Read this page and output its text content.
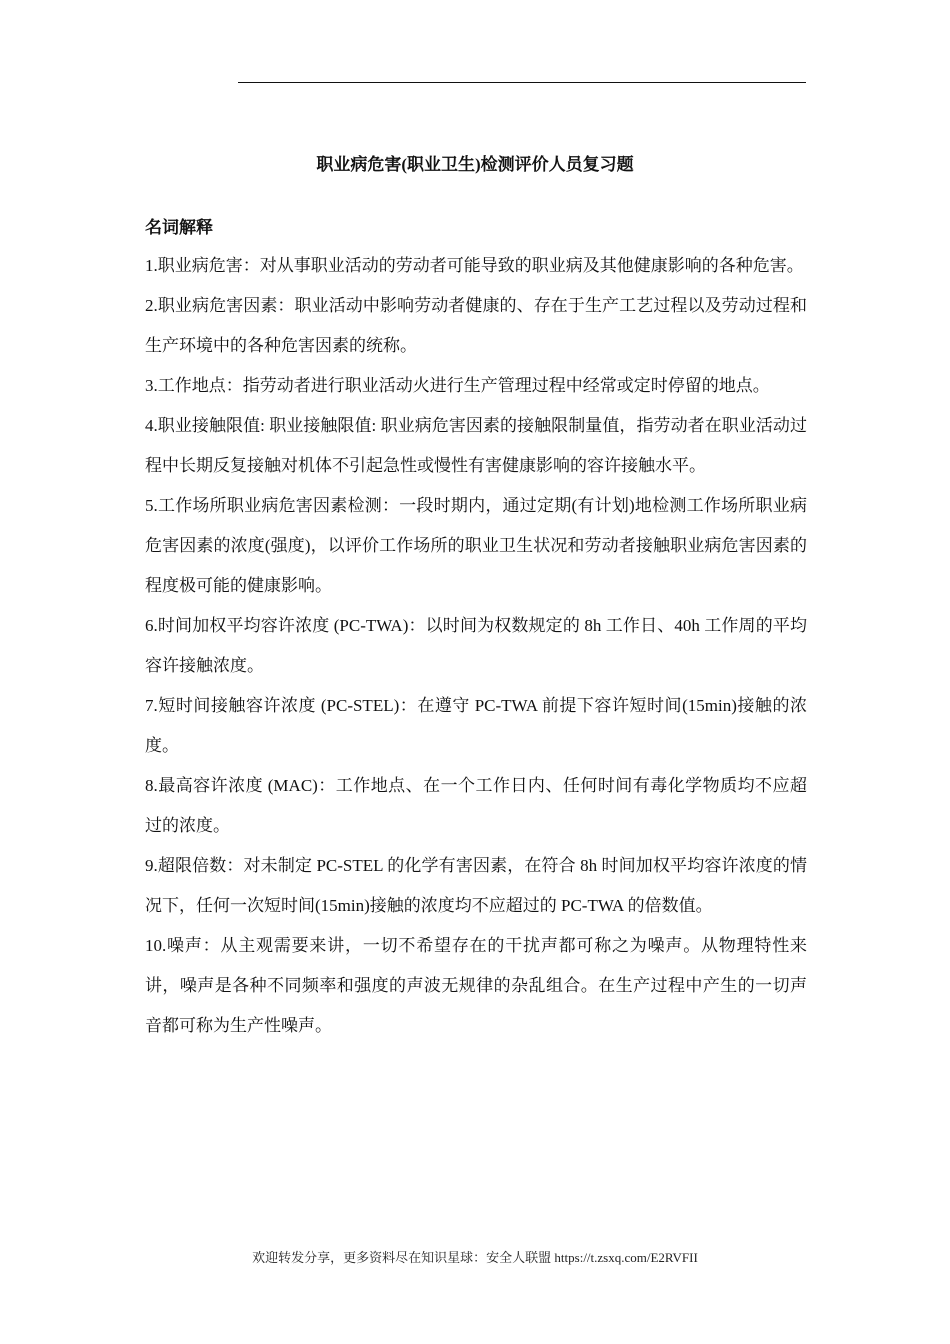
职业病危害(职业卫生)检测评价人员复习题
名词解释

1.职业病危害：对从事职业活动的劳动者可能导致的职业病及其他健康影响的各种危害。

2.职业病危害因素：职业活动中影响劳动者健康的、存在于生产工艺过程以及劳动过程和生产环境中的各种危害因素的统称。

3.工作地点：指劳动者进行职业活动火进行生产管理过程中经常或定时停留的地点。

4.职业接触限值: 职业接触限值: 职业病危害因素的接触限制量值，指劳动者在职业活动过程中长期反复接触对机体不引起急性或慢性有害健康影响的容许接触水平。

5.工作场所职业病危害因素检测：一段时期内，通过定期(有计划)地检测工作场所职业病危害因素的浓度(强度)，以评价工作场所的职业卫生状况和劳动者接触职业病危害因素的程度极可能的健康影响。

6.时间加权平均容许浓度 (PC-TWA)：以时间为权数规定的 8h 工作日、40h 工作周的平均容许接触浓度。

7.短时间接触容许浓度 (PC-STEL)：在遵守 PC-TWA 前提下容许短时间(15min)接触的浓度。

8.最高容许浓度 (MAC)：工作地点、在一个工作日内、任何时间有毒化学物质均不应超过的浓度。

9.超限倍数：对未制定 PC-STEL 的化学有害因素，在符合 8h 时间加权平均容许浓度的情况下，任何一次短时间(15min)接触的浓度均不应超过的 PC-TWA 的倍数值。

10.噪声：从主观需要来讲，一切不希望存在的干扰声都可称之为噪声。从物理特性来讲，噪声是各种不同频率和强度的声波无规律的杂乱组合。在生产过程中产生的一切声音都可称为生产性噪声。

欢迎转发分享，更多资料尽在知识星球：安全人联盟 https://t.zsxq.com/E2RVFII
